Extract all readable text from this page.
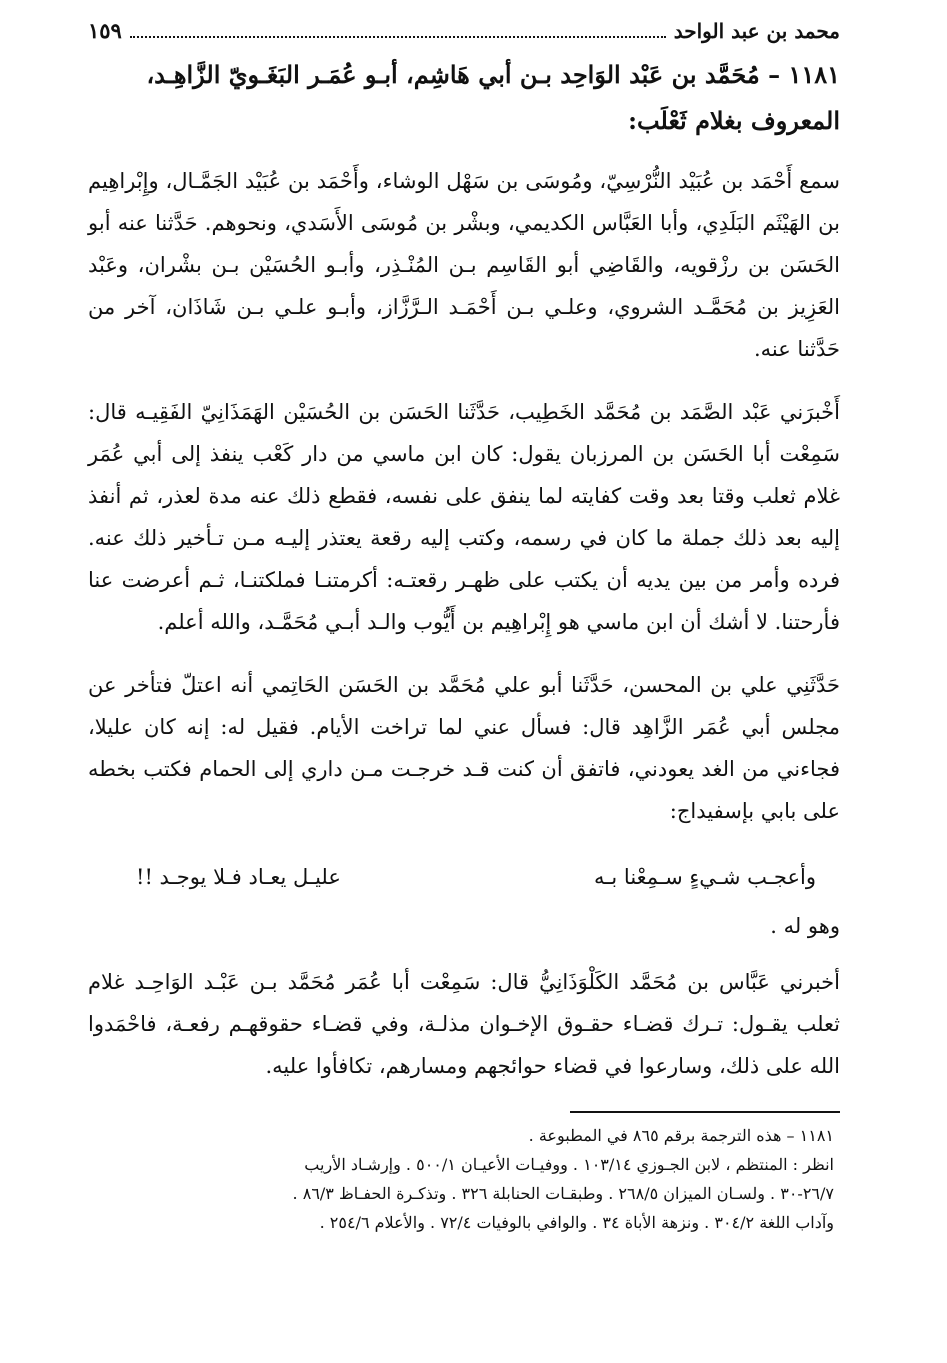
محمد بن عبد الواحد
١٥٩
١١٨١ – مُحَمَّد بن عَبْد الوَاحِد بـن أبي هَاشِم، أبـو عُمَـر البَغَـويّ الزَّاهِـد،
المعروف بغلام ثَعْلَب:

سمع أَحْمَد بن عُبَيْد النُّرْسِيّ، ومُوسَى بن سَهْل الوشاء، وأَحْمَد بن عُبَيْد الجَمَّـال، وإِبْراهِيم بن الهَيْثَم البَلَدِي، وأبا العَبَّاس الكديمي، وبشْر بن مُوسَى الأَسَدي، ونحوهم. حَدَّثنا عنه أبو الحَسَن بن رزْقويه، والقَاضِي أبو القَاسِم بـن المُنْـذِر، وأبـو الحُسَيْن بـن بشْران، وعَبْد العَزِيز بن مُحَمَّـد الشروي، وعلـي بـن أَحْمَـد الـرَّزَّاز، وأبـو علـي بـن شَاذَان، آخر من حَدَّثنا عنه.

أَخْبرَني عَبْد الصَّمَد بن مُحَمَّد الخَطِيب، حَدَّثَنا الحَسَن بن الحُسَيْن الهَمَذَانِيّ الفَقِيـه قال: سَمِعْت أبا الحَسَن بن المرزبان يقول: كان ابن ماسي من دار كَعْب ينفذ إلى أبي عُمَر غلام ثعلب وقتا بعد وقت كفايته لما ينفق على نفسه، فقطع ذلك عنه مدة لعذر، ثم أنفذ إليه بعد ذلك جملة ما كان في رسمه، وكتب إليه رقعة يعتذر إليـه مـن تـأخير ذلك عنه. فرده وأمر من بين يديه أن يكتب على ظهـر رقعتـه: أكرمتنـا فملكتنـا، ثـم أعرضت عنا فأرحتنا. لا أشك أن ابن ماسي هو إِبْراهِيم بن أَيُّوب والـد أبـي مُحَمَّـد، والله أعلم.

حَدَّثَنِي علي بن المحسن، حَدَّثَنا أبو علي مُحَمَّد بن الحَسَن الحَاتِمي أنه اعتلّ فتأخر عن مجلس أبي عُمَر الزَّاهِد قال: فسأل عني لما تراخت الأيام. فقيل له: إنه كان عليلا، فجاءني من الغد يعودني، فاتفق أن كنت قـد خرجـت مـن داري إلى الحمام فكتب بخطه على بابي بإسفيداج:

وأعجـب شـيءٍ سـمِعْنا بـه
عليـل يعـاد فـلا يوجـد !!
وهو له .

أخبرني عَبَّاس بن مُحَمَّد الكَلْوَذَانِيُّ قال: سَمِعْت أبا عُمَر مُحَمَّد بـن عَبْـد الوَاحِـد غلام ثعلب يقـول: تـرك قضـاء حقـوق الإخـوان مذلـة، وفي قضـاء حقوقهـم رفعـة، فاحْمَدوا الله على ذلك، وسارعوا في قضاء حوائجهم ومسارهم، تكافأوا عليه.

١١٨١ – هذه الترجمة برقم ٨٦٥ في المطبوعة .
انظر : المنتظم ، لابن الجـوزي ١٠٣/١٤ . ووفيـات الأعيـان ٥٠٠/١ . وإرشـاد الأريب
٢٦/٧-٣٠ . ولسـان الميزان ٢٦٨/٥ . وطبقـات الحنابلة ٣٢٦ . وتذكـرة الحفـاظ ٨٦/٣ .
وآداب اللغة ٣٠٤/٢ . ونزهة الأباة ٣٤ . والوافي بالوفيات ٧٢/٤ . والأعلام ٢٥٤/٦ .
